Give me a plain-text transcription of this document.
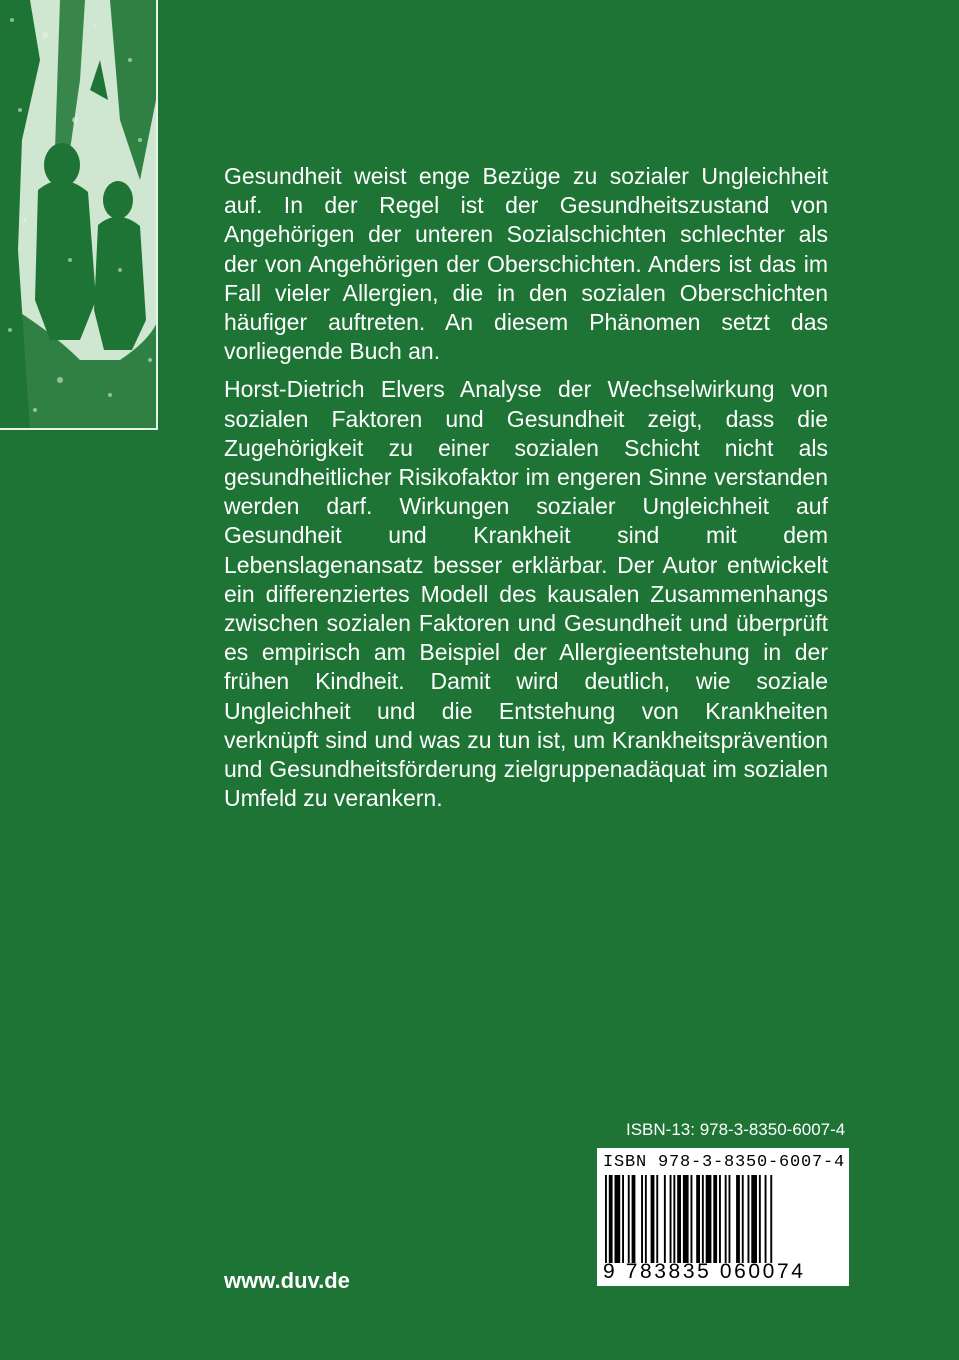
Gesundheit weist enge Bezüge zu sozialer Ungleichheit auf. In der Regel ist der Gesundheitszustand von Angehörigen der unteren Sozialschichten schlechter als der von Angehörigen der Oberschichten. Anders ist das im Fall vieler Allergien, die in den sozialen Oberschichten häufiger auftreten. An diesem Phänomen setzt das vorliegende Buch an.

Horst-Dietrich Elvers Analyse der Wechselwirkung von sozialen Faktoren und Gesundheit zeigt, dass die Zugehörigkeit zu einer sozialen Schicht nicht als gesundheitlicher Risikofaktor im engeren Sinne verstanden werden darf. Wirkungen sozialer Ungleichheit auf Gesundheit und Krankheit sind mit dem Lebenslagenansatz besser erklärbar. Der Autor entwickelt ein differenziertes Modell des kausalen Zusammenhangs zwischen sozialen Faktoren und Gesundheit und überprüft es empirisch am Beispiel der Allergieentstehung in der frühen Kindheit. Damit wird deutlich, wie soziale Ungleichheit und die Entstehung von Krankheiten verknüpft sind und was zu tun ist, um Krankheitsprävention und Gesundheitsförderung zielgruppenadäquat im sozialen Umfeld zu verankern.

ISBN-13: 978-3-8350-6007-4
ISBN 978-3-8350-6007-4
9 783835 060074
www.duv.de
